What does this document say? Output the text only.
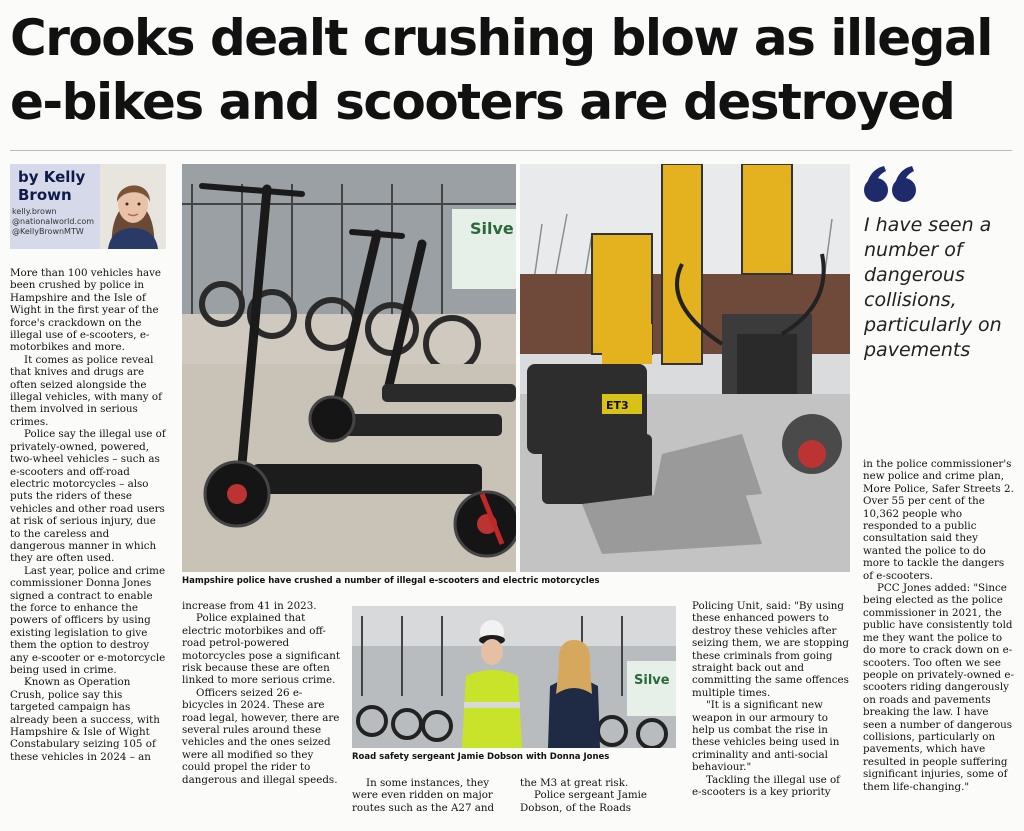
Crooks dealt crushing blow as illegal
e-bikes and scooters are destroyed
by Kelly
Brown
kelly.brown
@nationalworld.com
@KellyBrownMTW

More than 100 vehicles have been crushed by police in Hampshire and the Isle of Wight in the first year of the force's crackdown on the illegal use of e-scooters, e-motorbikes and more.

It comes as police reveal that knives and drugs are often seized alongside the illegal vehicles, with many of them involved in serious crimes.

Police say the illegal use of privately-owned, powered, two-wheel vehicles – such as e-scooters and off-road electric motorcycles – also puts the riders of these vehicles and other road users at risk of serious injury, due to the careless and dangerous manner in which they are often used.

Last year, police and crime commissioner Donna Jones signed a contract to enable the force to enhance the powers of officers by using existing legislation to give them the option to destroy any e-scooter or e-motorcycle being used in crime.

Known as Operation Crush, police say this targeted campaign has already been a success, with Hampshire & Isle of Wight Constabulary seizing 105 of these vehicles in 2024 – an

Silve
ET3
Hampshire police have crushed a number of illegal e-scooters and electric motorcycles

increase from 41 in 2023.

Police explained that electric motorbikes and off-road petrol-powered motorcycles pose a significant risk because these are often linked to more serious crime.

Officers seized 26 e-bicycles in 2024. These are road legal, however, there are several rules around these vehicles and the ones seized were all modified so they could propel the rider to dangerous and illegal speeds.

Silve
Road safety sergeant Jamie Dobson with Donna Jones

In some instances, they were even ridden on major routes such as the A27 and

the M3 at great risk.

Police sergeant Jamie Dobson, of the Roads

Policing Unit, said: "By using these enhanced powers to destroy these vehicles after seizing them, we are stopping these criminals from going straight back out and committing the same offences multiple times.

"It is a significant new weapon in our armoury to help us combat the rise in these vehicles being used in criminality and anti-social behaviour."

Tackling the illegal use of e-scooters is a key priority

I have seen a number of dangerous collisions, particularly on pavements

in the police commissioner's new police and crime plan, More Police, Safer Streets 2. Over 55 per cent of the 10,362 people who responded to a public consultation said they wanted the police to do more to tackle the dangers of e-scooters.

PCC Jones added: "Since being elected as the police commissioner in 2021, the public have consistently told me they want the police to do more to crack down on e-scooters. Too often we see people on privately-owned e-scooters riding dangerously on roads and pavements breaking the law. I have seen a number of dangerous collisions, particularly on pavements, which have resulted in people suffering significant injuries, some of them life-changing."
